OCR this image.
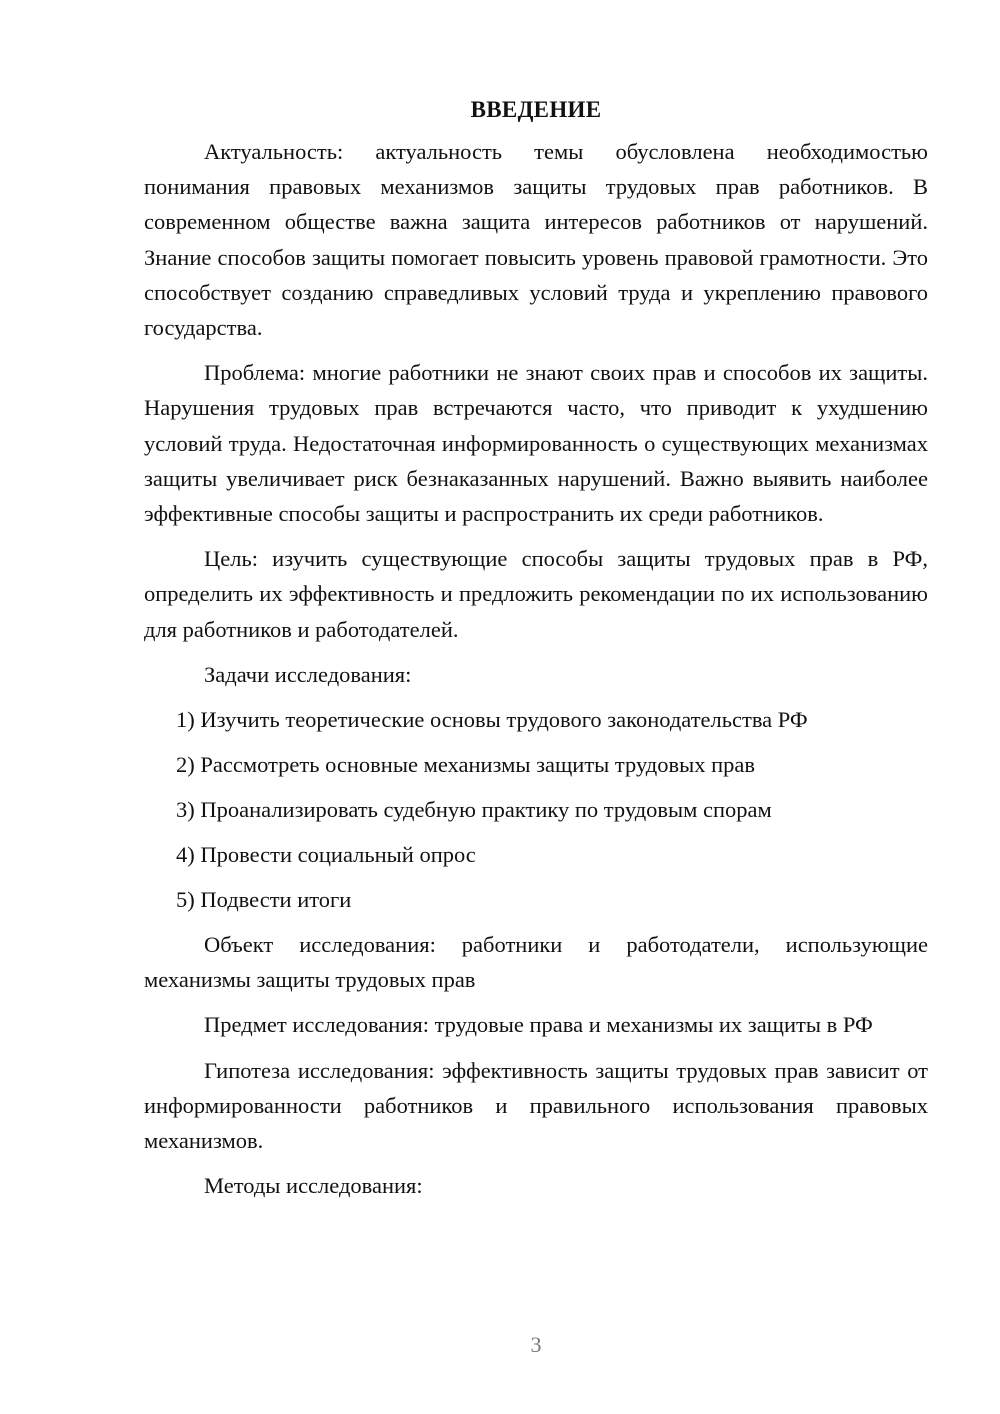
ВВЕДЕНИЕ

Актуальность: актуальность темы обусловлена необходимостью понимания правовых механизмов защиты трудовых прав работников. В современном обществе важна защита интересов работников от нарушений. Знание способов защиты помогает повысить уровень правовой грамотности. Это способствует созданию справедливых условий труда и укреплению правового государства.

Проблема: многие работники не знают своих прав и способов их защиты. Нарушения трудовых прав встречаются часто, что приводит к ухудшению условий труда. Недостаточная информированность о существующих механизмах защиты увеличивает риск безнаказанных нарушений. Важно выявить наиболее эффективные способы защиты и распространить их среди работников.

Цель: изучить существующие способы защиты трудовых прав в РФ, определить их эффективность и предложить рекомендации по их использованию для работников и работодателей.

Задачи исследования:

1) Изучить теоретические основы трудового законодательства РФ
2) Рассмотреть основные механизмы защиты трудовых прав
3) Проанализировать судебную практику по трудовым спорам
4) Провести социальный опрос
5) Подвести итоги

Объект исследования: работники и работодатели, использующие механизмы защиты трудовых прав

Предмет исследования: трудовые права и механизмы их защиты в РФ

Гипотеза исследования: эффективность защиты трудовых прав зависит от информированности работников и правильного использования правовых механизмов.

Методы исследования:

3
